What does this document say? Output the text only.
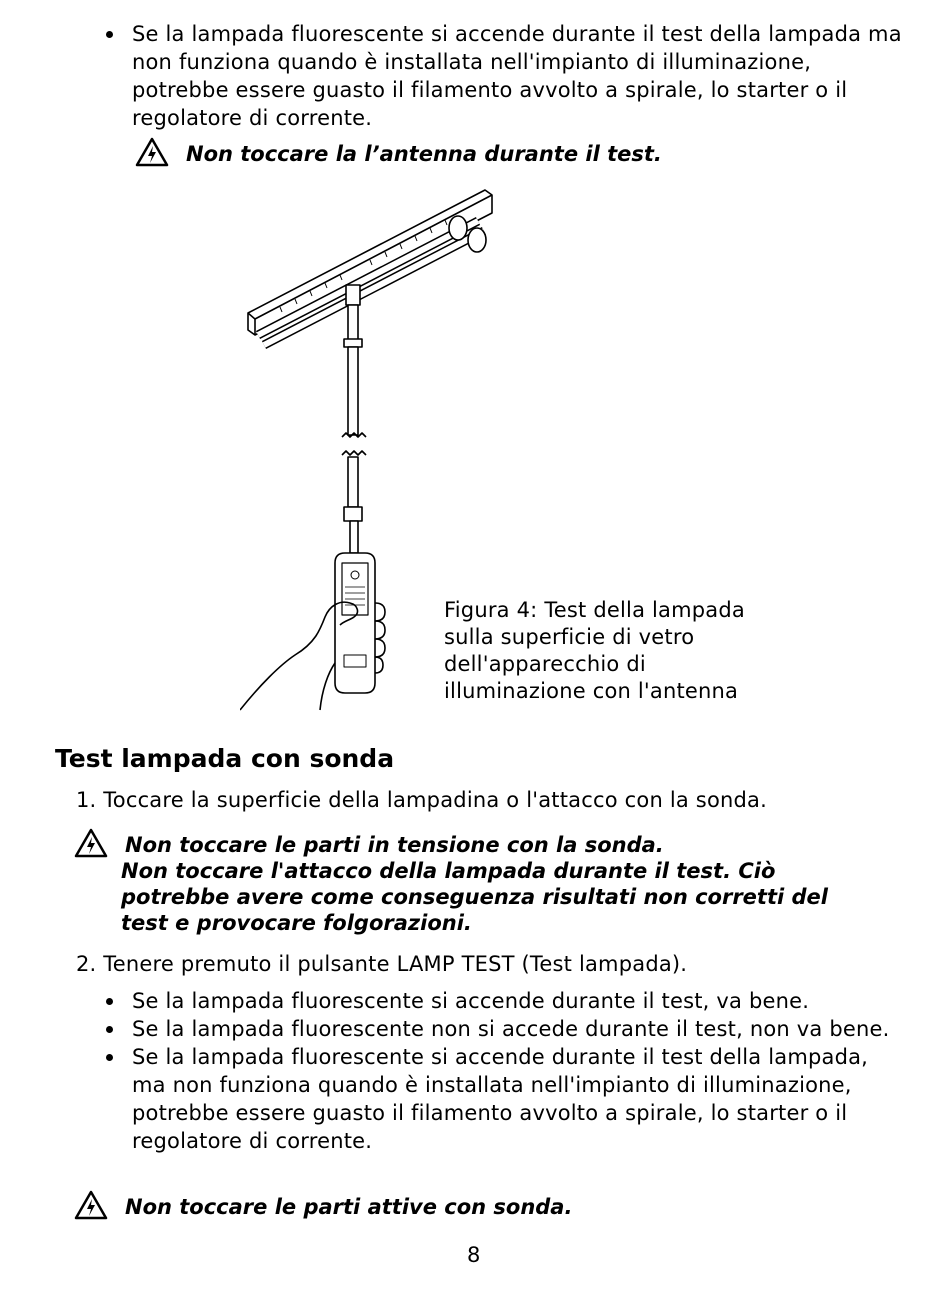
Se la lampada fluorescente si accende durante il test della lampada ma non funziona quando è installata nell'impianto di illuminazione, potrebbe essere guasto il filamento avvolto a spirale, lo starter o il regolatore di corrente.
Non toccare la l’antenna durante il test.
Figura 4: Test della lampada sulla superficie di vetro dell'apparecchio di illuminazione con l'antenna
Test lampada con sonda
1. Toccare la superficie della lampadina o l'attacco con la sonda.
Non toccare le parti in tensione con la sonda.
Non toccare l'attacco della lampada durante il test. Ciò potrebbe avere come conseguenza risultati non corretti del test e provocare folgorazioni.
2. Tenere premuto il pulsante LAMP TEST (Test lampada).
Se la lampada fluorescente si accende durante il test, va bene.
Se la lampada fluorescente non si accede durante il test, non va bene.
Se la lampada fluorescente si accende durante il test della lampada, ma non funziona quando è installata nell'impianto di illuminazione, potrebbe essere guasto il filamento avvolto a spirale, lo starter o il regolatore di corrente.
Non toccare le parti attive con sonda.
8
